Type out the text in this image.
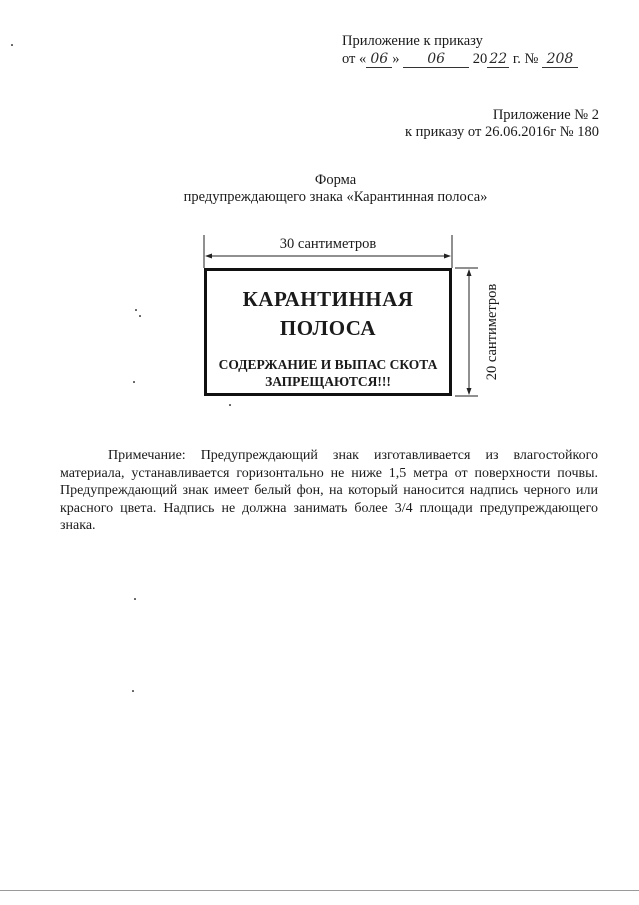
Приложение к приказу
от « 06 » 06 20 22 г. № 208
Приложение № 2
к приказу от 26.06.2016г № 180
Форма
предупреждающего знака «Карантинная полоса»
30 сантиметров
20 сантиметров
КАРАНТИННАЯ
ПОЛОСА
СОДЕРЖАНИЕ И ВЫПАС СКОТА
ЗАПРЕЩАЮТСЯ!!!

Примечание: Предупреждающий знак изготавливается из влагостойкого материала, устанавливается горизонтально не ниже 1,5 метра от поверхности почвы. Предупреждающий знак имеет белый фон, на который наносится надпись черного или красного цвета. Надпись не должна занимать более 3/4 площади предупреждающего знака.
